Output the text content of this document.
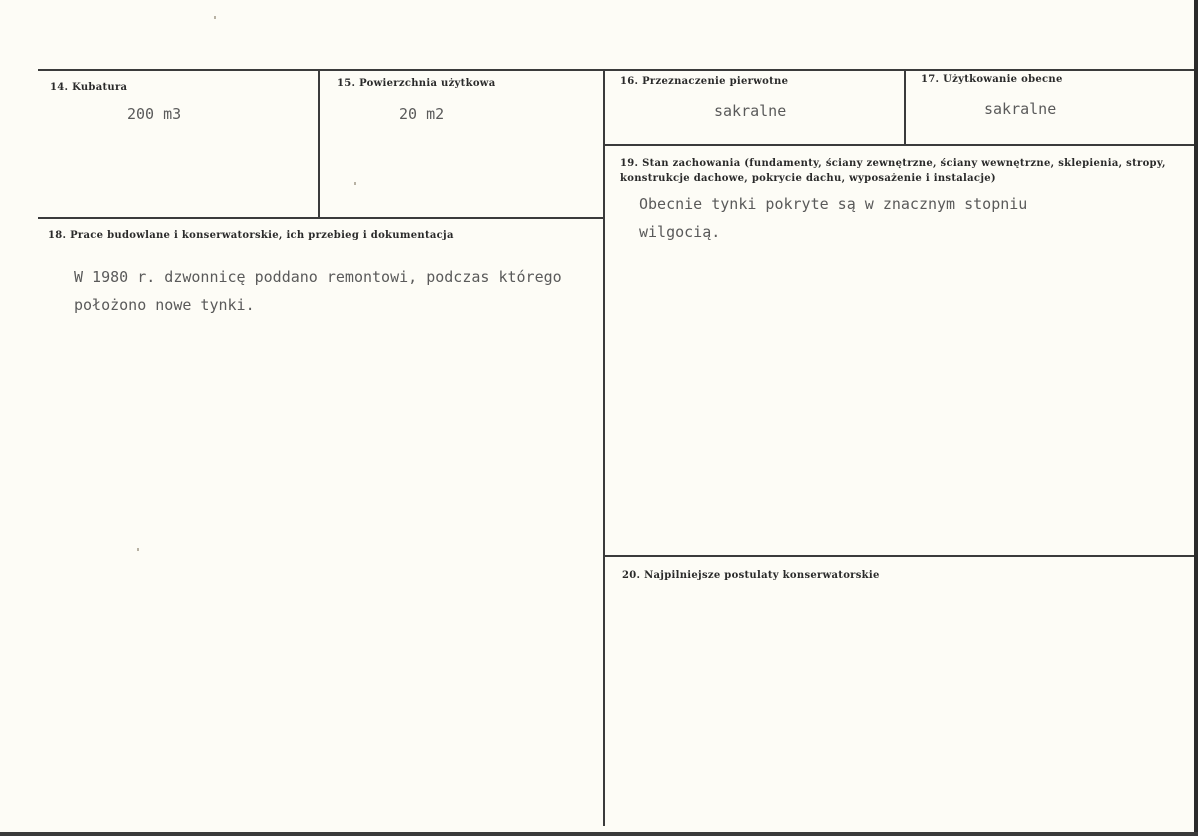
14. Kubatura
200 m3
15. Powierzchnia użytkowa
20 m2
16. Przeznaczenie pierwotne
sakralne
17. Użytkowanie obecne
sakralne
19. Stan zachowania (fundamenty, ściany zewnętrzne, ściany wewnętrzne, sklepienia, stropy, konstrukcje dachowe, pokrycie dachu, wyposażenie i instalacje)
Obecnie tynki pokryte są w znacznym stopniu wilgocią.
18. Prace budowlane i konserwatorskie, ich przebieg i dokumentacja
W 1980 r. dzwonnicę poddano remontowi, podczas którego położono nowe tynki.
20. Najpilniejsze postulaty konserwatorskie
